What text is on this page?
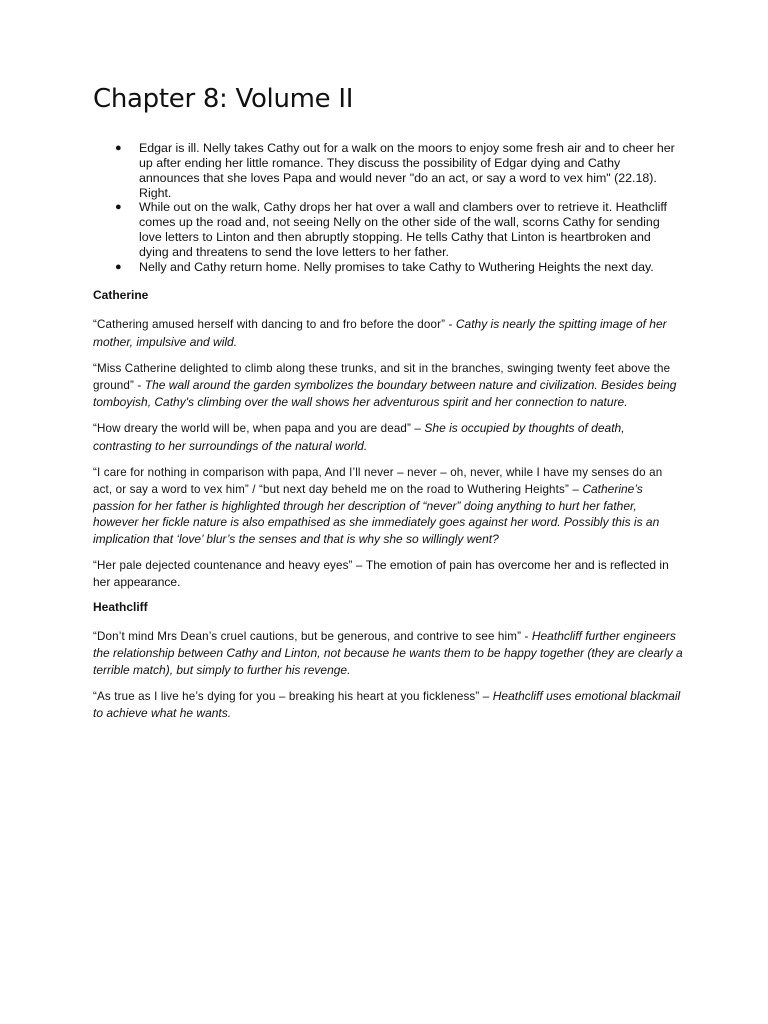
Chapter 8: Volume II
● Edgar is ill. Nelly takes Cathy out for a walk on the moors to enjoy some fresh air and to cheer her up after ending her little romance. They discuss the possibility of Edgar dying and Cathy announces that she loves Papa and would never "do an act, or say a word to vex him" (22.18). Right.
● While out on the walk, Cathy drops her hat over a wall and clambers over to retrieve it. Heathcliff comes up the road and, not seeing Nelly on the other side of the wall, scorns Cathy for sending love letters to Linton and then abruptly stopping. He tells Cathy that Linton is heartbroken and dying and threatens to send the love letters to her father.
● Nelly and Cathy return home. Nelly promises to take Cathy to Wuthering Heights the next day.
Catherine

“Cathering amused herself with dancing to and fro before the door” - Cathy is nearly the spitting image of her mother, impulsive and wild.

“Miss Catherine delighted to climb along these trunks, and sit in the branches, swinging twenty feet above the ground” - The wall around the garden symbolizes the boundary between nature and civilization. Besides being tomboyish, Cathy's climbing over the wall shows her adventurous spirit and her connection to nature.

“How dreary the world will be, when papa and you are dead” – She is occupied by thoughts of death, contrasting to her surroundings of the natural world.

“I care for nothing in comparison with papa, And I’ll never – never – oh, never, while I have my senses do an act, or say a word to vex him” / “but next day beheld me on the road to Wuthering Heights” – Catherine’s passion for her father is highlighted through her description of “never” doing anything to hurt her father, however her fickle nature is also empathised as she immediately goes against her word. Possibly this is an implication that ‘love’ blur’s the senses and that is why she so willingly went?

“Her pale dejected countenance and heavy eyes” – The emotion of pain has overcome her and is reflected in her appearance.

Heathcliff

“Don’t mind Mrs Dean’s cruel cautions, but be generous, and contrive to see him” - Heathcliff further engineers the relationship between Cathy and Linton, not because he wants them to be happy together (they are clearly a terrible match), but simply to further his revenge.

“As true as I live he’s dying for you – breaking his heart at you fickleness” – Heathcliff uses emotional blackmail to achieve what he wants.
